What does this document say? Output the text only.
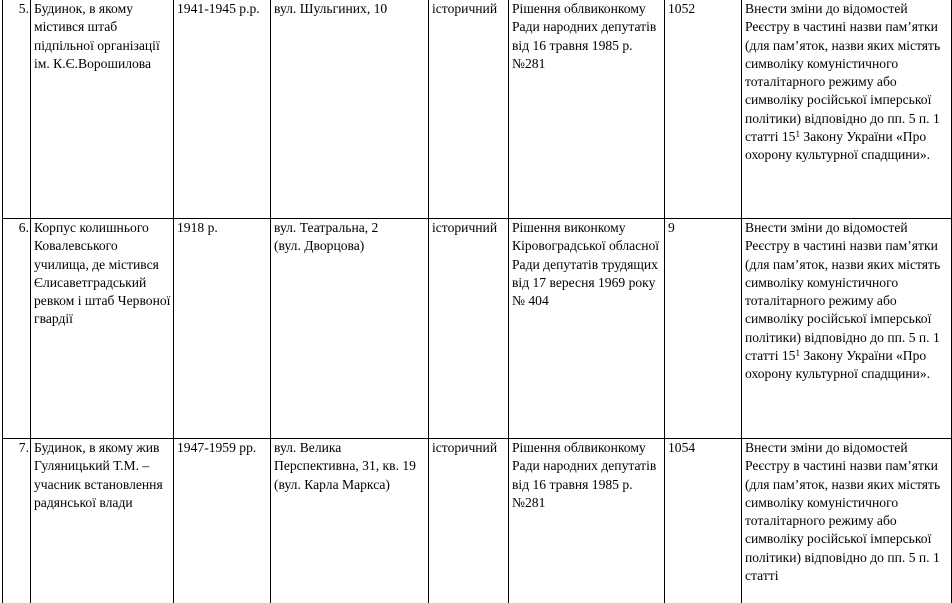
5.	Будинок, в якому містився штаб підпільної організації ім. К.Є.Ворошилова	1941-1945 р.р.	вул. Шульгиних, 10	історичний	Рішення облвиконкому Ради народних депутатів від 16 травня 1985 р. №281	1052	Внести зміни до відомостей Реєстру в частині назви пам’ятки (для пам’яток, назви яких містять символіку комуністичного тоталітарного режиму або символіку російської імперської політики) відповідно до пп. 5 п. 1 статті $15^1$ Закону України «Про охорону культурної спадщини».
6.	Корпус колишнього Ковалевського училища, де містився Єлисаветградський ревком і штаб Червоної гвардії	1918 р.	вул. Театральна, 2
(вул. Дворцова)	історичний	Рішення виконкому Кіровоградської обласної Ради депутатів трудящих від 17 вересня 1969 року
№ 404	9	Внести зміни до відомостей Реєстру в частині назви пам’ятки (для пам’яток, назви яких містять символіку комуністичного тоталітарного режиму або символіку російської імперської політики) відповідно до пп. 5 п. 1 статті $15^1$ Закону України «Про охорону культурної спадщини».
7.	Будинок, в якому жив Гуляницький Т.М. – учасник встановлення радянської влади	1947-1959 рр.	вул. Велика Перспективна, 31, кв. 19
(вул. Карла Маркса)	історичний	Рішення облвиконкому Ради народних депутатів від 16 травня 1985 р. №281	1054	Внести зміни до відомостей Реєстру в частині назви пам’ятки (для пам’яток, назви яких містять символіку комуністичного тоталітарного режиму або символіку російської імперської політики) відповідно до пп. 5 п. 1 статті
